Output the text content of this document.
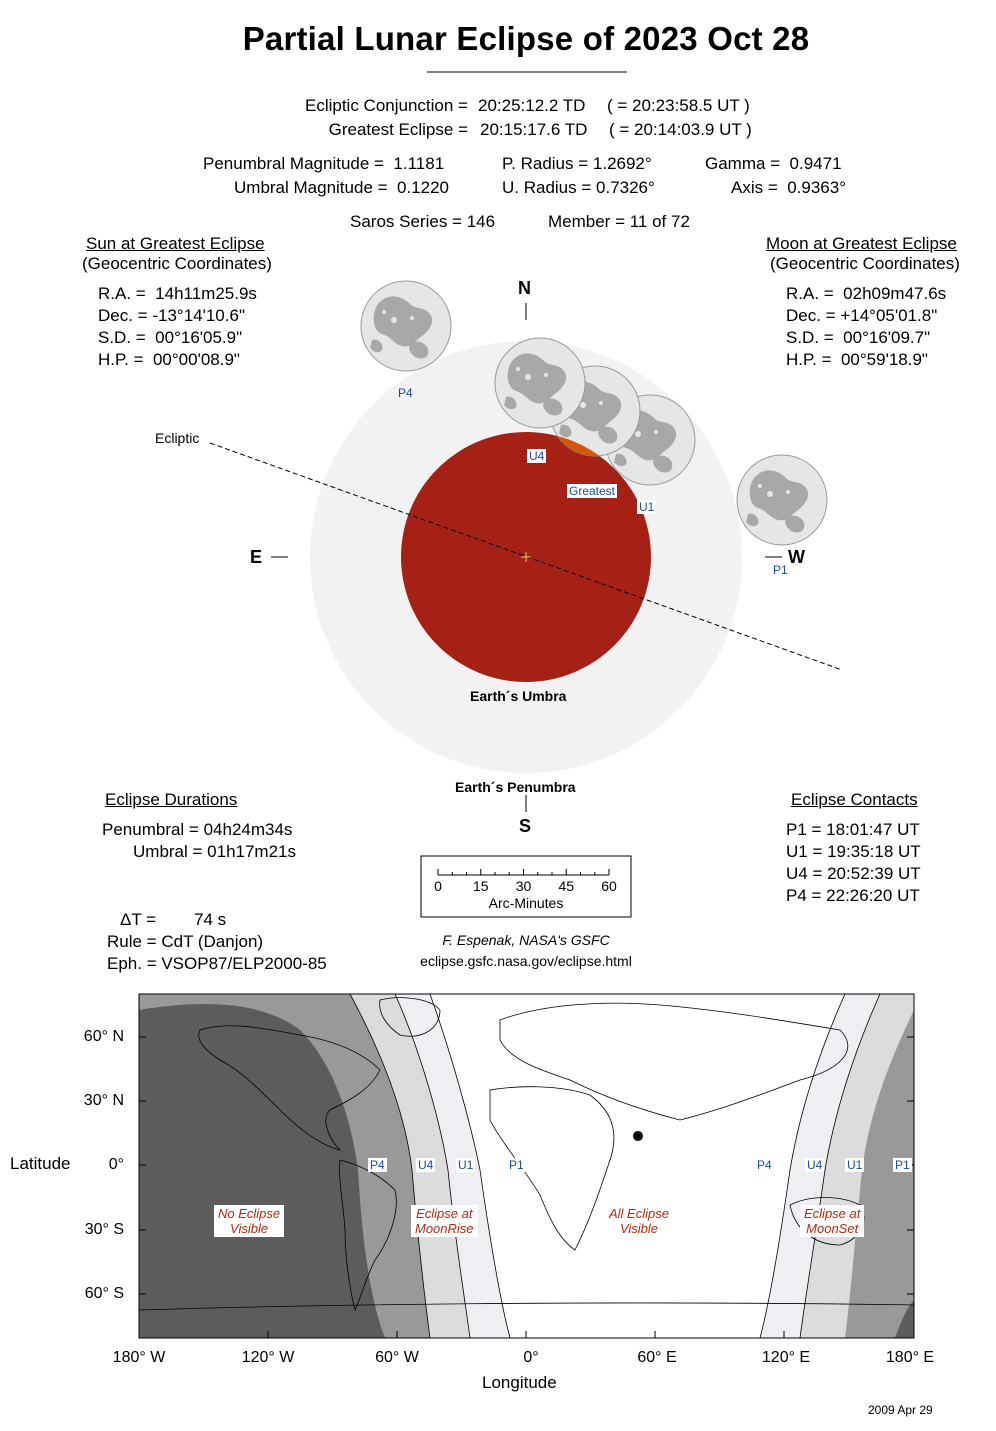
Partial Lunar Eclipse of 2023 Oct 28
Ecliptic Conjunction = 20:25:12.2 TD ( = 20:23:58.5 UT )
Greatest Eclipse = 20:15:17.6 TD ( = 20:14:03.9 UT )
Penumbral Magnitude =  1.1181
Umbral Magnitude =  0.1220
P. Radius = 1.2692°
U. Radius = 0.7326°
Gamma =  0.9471
Axis =  0.9363°
Saros Series = 146	Member = 11 of 72
Sun at Greatest Eclipse
(Geocentric Coordinates)
R.A. =  14h11m25.9s
Dec. = -13°14'10.6"
S.D. =  00°16'05.9"
H.P. =  00°00'08.9"
Moon at Greatest Eclipse
(Geocentric Coordinates)
R.A. =  02h09m47.6s
Dec. = +14°05'01.8"
S.D. =  00°16'09.7"
H.P. =  00°59'18.9"
N
S
E	W
Ecliptic
Earth´s Umbra
Earth´s Penumbra
Greatest
U4
U1
P4
P1
Eclipse Durations
Penumbral = 04h24m34s
Umbral = 01h17m21s
Eclipse Contacts
P1 = 18:01:47 UT
U1 = 19:35:18 UT
U4 = 20:52:39 UT
P4 = 22:26:20 UT
0	15	30	45	60
Arc-Minutes
ΔT = 74 s
Rule = CdT (Danjon)
Eph. = VSOP87/ELP2000-85
F. Espenak, NASA's GSFC
eclipse.gsfc.nasa.gov/eclipse.html
Latitude
Longitude
60° N
30° N
0°
30° S
60° S
180° W	120° W	60° W	0°	60° E	120° E	180° E
No Eclipse
Visible
Eclipse at
MoonRise
All Eclipse
Visible
Eclipse at
MoonSet
P4	U4 U1	P1	P4	U4 U1	P1
2009 Apr 29
